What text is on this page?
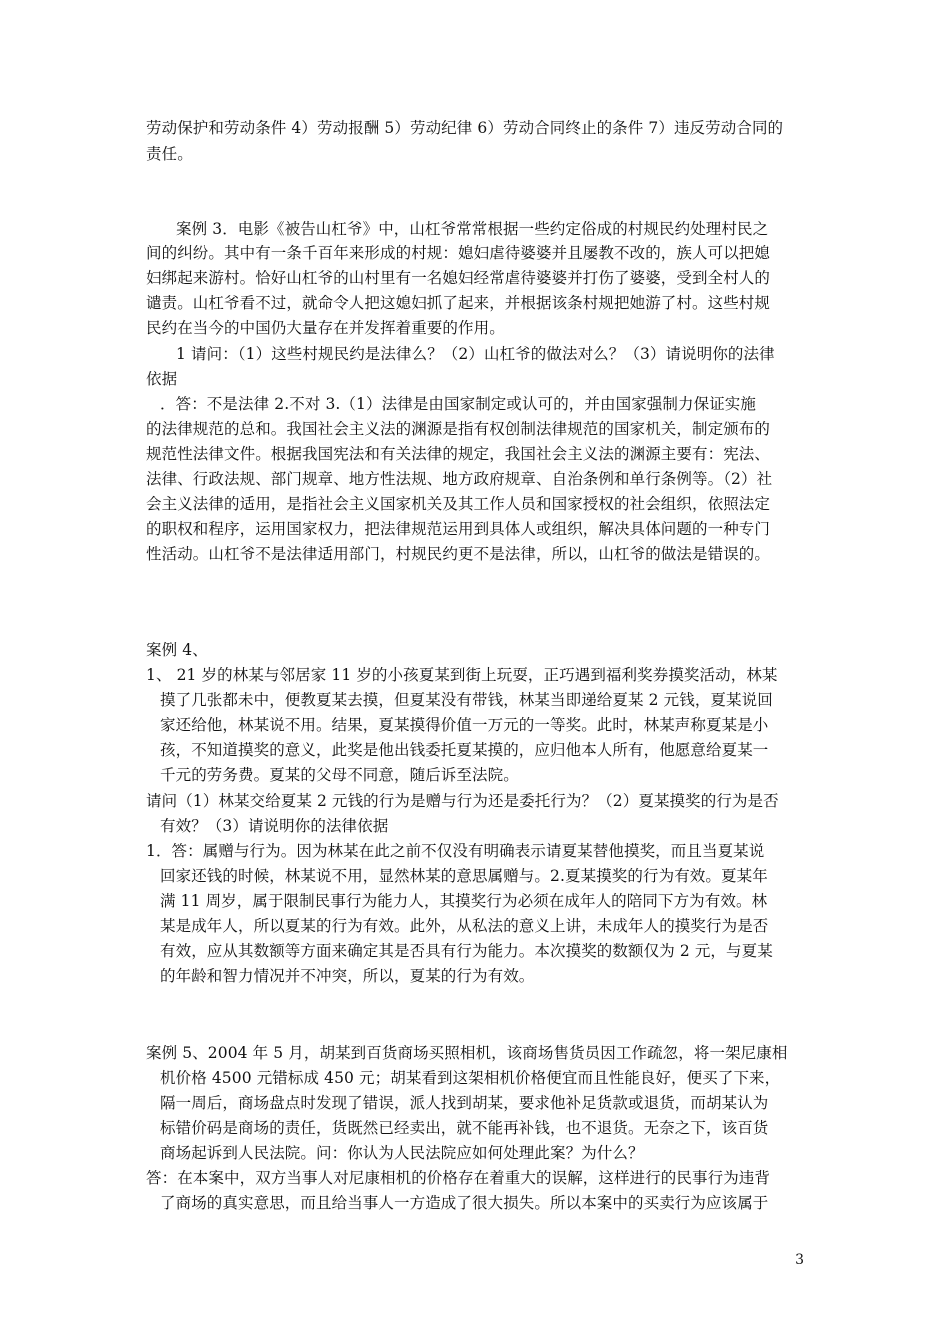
劳动保护和劳动条件 4）劳动报酬 5）劳动纪律 6）劳动合同终止的条件 7）违反劳动合同的
责任。
案例 3．电影《被告山杠爷》中，山杠爷常常根据一些约定俗成的村规民约处理村民之
间的纠纷。其中有一条千百年来形成的村规：媳妇虐待婆婆并且屡教不改的，族人可以把媳
妇绑起来游村。恰好山杠爷的山村里有一名媳妇经常虐待婆婆并打伤了婆婆，受到全村人的
谴责。山杠爷看不过，就命令人把这媳妇抓了起来，并根据该条村规把她游了村。这些村规
民约在当今的中国仍大量存在并发挥着重要的作用。
1 请问：（1）这些村规民约是法律么？（2）山杠爷的做法对么？（3）请说明你的法律
依据
．答：不是法律 2.不对 3.（1）法律是由国家制定或认可的，并由国家强制力保证实施
的法律规范的总和。我国社会主义法的渊源是指有权创制法律规范的国家机关，制定颁布的
规范性法律文件。根据我国宪法和有关法律的规定，我国社会主义法的渊源主要有：宪法、
法律、行政法规、部门规章、地方性法规、地方政府规章、自治条例和单行条例等。（2）社
会主义法律的适用，是指社会主义国家机关及其工作人员和国家授权的社会组织，依照法定
的职权和程序，运用国家权力，把法律规范运用到具体人或组织，解决具体问题的一种专门
性活动。山杠爷不是法律适用部门，村规民约更不是法律，所以，山杠爷的做法是错误的。
案例 4、
1、 21 岁的林某与邻居家 11 岁的小孩夏某到街上玩耍，正巧遇到福利奖券摸奖活动，林某
摸了几张都未中，便教夏某去摸，但夏某没有带钱，林某当即递给夏某 2 元钱，夏某说回
家还给他，林某说不用。结果，夏某摸得价值一万元的一等奖。此时，林某声称夏某是小
孩，不知道摸奖的意义，此奖是他出钱委托夏某摸的，应归他本人所有，他愿意给夏某一
千元的劳务费。夏某的父母不同意，随后诉至法院。
请问（1）林某交给夏某 2 元钱的行为是赠与行为还是委托行为？（2）夏某摸奖的行为是否
有效？（3）请说明你的法律依据
1．答：属赠与行为。因为林某在此之前不仅没有明确表示请夏某替他摸奖，而且当夏某说
回家还钱的时候，林某说不用，显然林某的意思属赠与。2.夏某摸奖的行为有效。夏某年
满 11 周岁，属于限制民事行为能力人，其摸奖行为必须在成年人的陪同下方为有效。林
某是成年人，所以夏某的行为有效。此外，从私法的意义上讲，未成年人的摸奖行为是否
有效，应从其数额等方面来确定其是否具有行为能力。本次摸奖的数额仅为 2 元，与夏某
的年龄和智力情况并不冲突，所以，夏某的行为有效。
案例 5、2004 年 5 月，胡某到百货商场买照相机，该商场售货员因工作疏忽，将一架尼康相
机价格 4500 元错标成 450 元；胡某看到这架相机价格便宜而且性能良好，便买了下来，
隔一周后，商场盘点时发现了错误，派人找到胡某，要求他补足货款或退货，而胡某认为
标错价码是商场的责任，货既然已经卖出，就不能再补钱，也不退货。无奈之下，该百货
商场起诉到人民法院。问：你认为人民法院应如何处理此案？为什么？
答：在本案中，双方当事人对尼康相机的价格存在着重大的误解，这样进行的民事行为违背
了商场的真实意思，而且给当事人一方造成了很大损失。所以本案中的买卖行为应该属于
3
